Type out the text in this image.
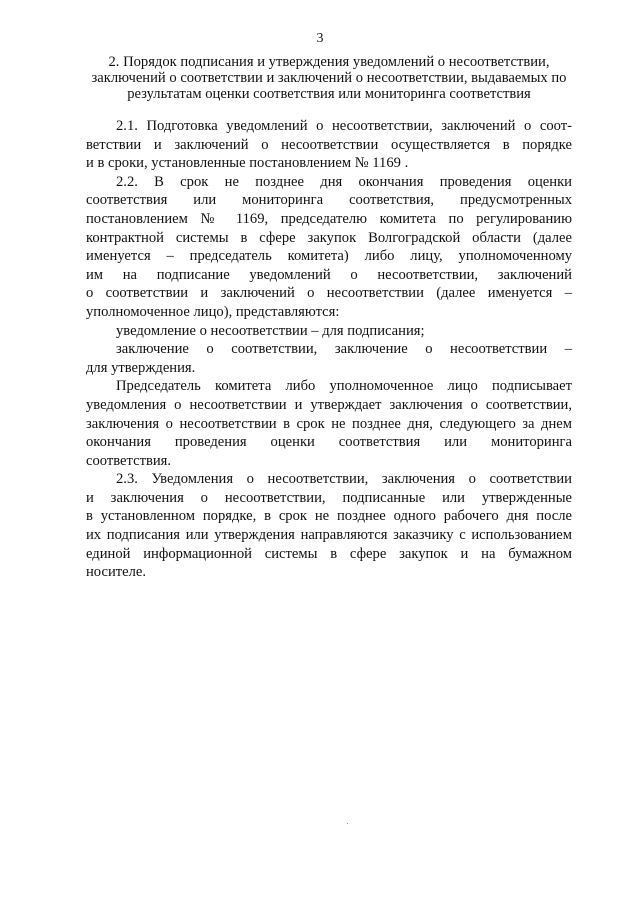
3
2. Порядок подписания и утверждения уведомлений о несоответствии,
заключений о соответствии и заключений о несоответствии, выдаваемых по
результатам оценки соответствия или мониторинга соответствия
2.1. Подготовка уведомлений о несоответствии, заключений о соот-
ветствии и заключений о несоответствии осуществляется в порядке
и в сроки, установленные постановлением № 1169 .
2.2. В срок не позднее дня окончания проведения оценки
соответствия или мониторинга соответствия, предусмотренных
постановлением № 1169, председателю комитета по регулированию
контрактной системы в сфере закупок Волгоградской области (далее
именуется – председатель комитета) либо лицу, уполномоченному
им на подписание уведомлений о несоответствии, заключений
о соответствии и заключений о несоответствии (далее именуется –
уполномоченное лицо), представляются:
уведомление о несоответствии – для подписания;
заключение о соответствии, заключение о несоответствии –
для утверждения.
Председатель комитета либо уполномоченное лицо подписывает
уведомления о несоответствии и утверждает заключения о соответствии,
заключения о несоответствии в срок не позднее дня, следующего за днем
окончания проведения оценки соответствия или мониторинга
соответствия.
2.3. Уведомления о несоответствии, заключения о соответствии
и заключения о несоответствии, подписанные или утвержденные
в установленном порядке, в срок не позднее одного рабочего дня после
их подписания или утверждения направляются заказчику с использованием
единой информационной системы в сфере закупок и на бумажном
носителе.
